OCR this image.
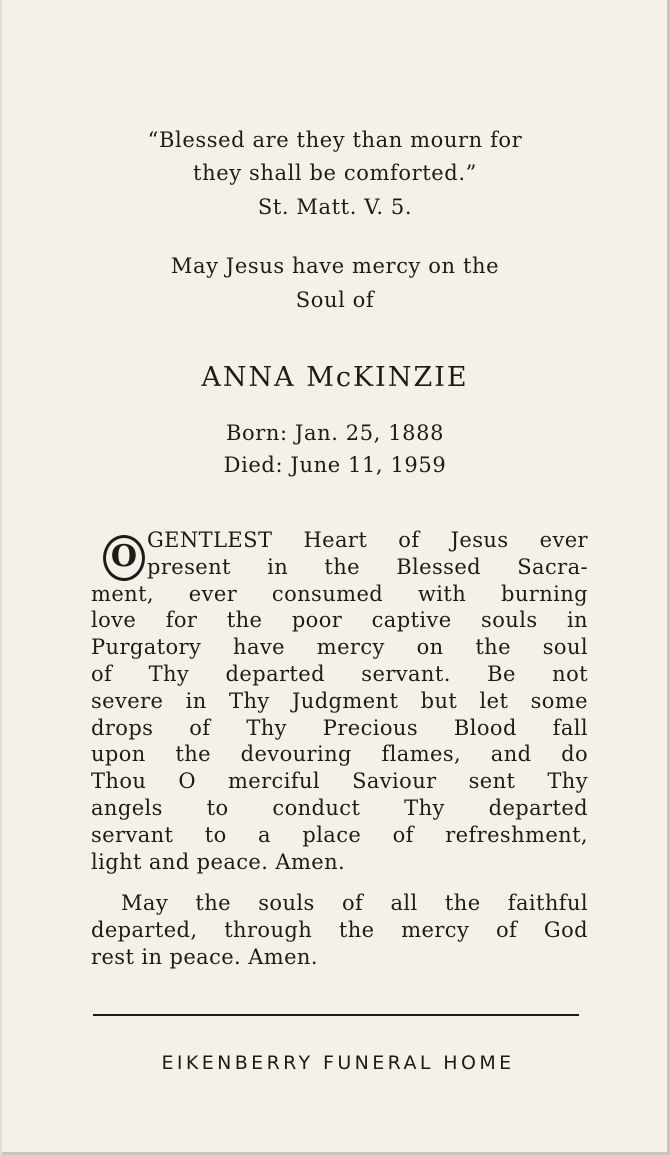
“Blessed are they than mourn for
they shall be comforted.”
St. Matt. V. 5.
May Jesus have mercy on the
Soul of
ANNA McKINZIE
Born: Jan. 25, 1888
Died: June 11, 1959
O GENTLEST Heart of Jesus ever
present in the Blessed Sacra-
ment, ever consumed with burning
love for the poor captive souls in
Purgatory have mercy on the soul
of Thy departed servant. Be not
severe in Thy Judgment but let some
drops of Thy Precious Blood fall
upon the devouring flames, and do
Thou O merciful Saviour sent Thy
angels to conduct Thy departed
servant to a place of refreshment,
light and peace. Amen.
May the souls of all the faithful
departed, through the mercy of God
rest in peace. Amen.
EIKENBERRY FUNERAL HOME
